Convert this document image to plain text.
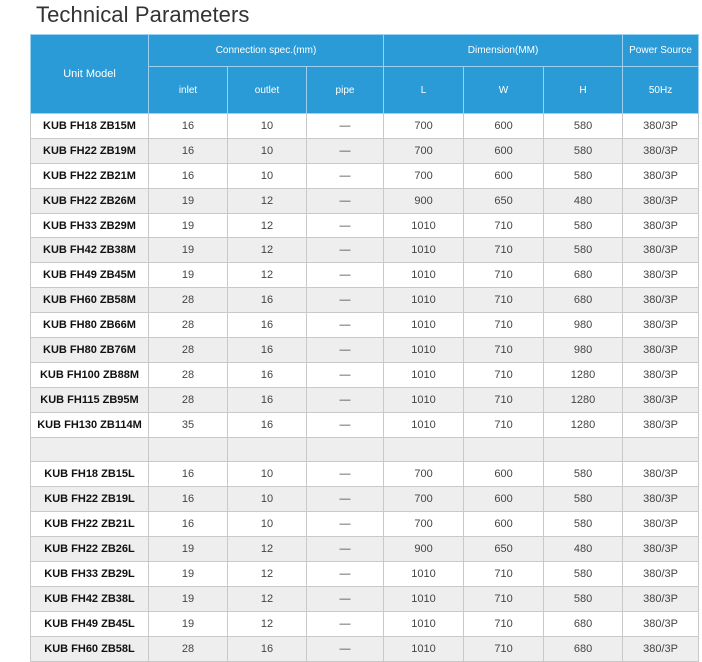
Technical Parameters
Unit Model	Connection spec.(mm)			Dimension(MM)			Power Source
	inlet	outlet	pipe	L	W	H	50Hz
KUB FH18 ZB15M	16	10	—	700	600	580	380/3P
KUB FH22 ZB19M	16	10	—	700	600	580	380/3P
KUB FH22 ZB21M	16	10	—	700	600	580	380/3P
KUB FH22 ZB26M	19	12	—	900	650	480	380/3P
KUB FH33 ZB29M	19	12	—	1010	710	580	380/3P
KUB FH42 ZB38M	19	12	—	1010	710	580	380/3P
KUB FH49 ZB45M	19	12	—	1010	710	680	380/3P
KUB FH60 ZB58M	28	16	—	1010	710	680	380/3P
KUB FH80 ZB66M	28	16	—	1010	710	980	380/3P
KUB FH80 ZB76M	28	16	—	1010	710	980	380/3P
KUB FH100 ZB88M	28	16	—	1010	710	1280	380/3P
KUB FH115 ZB95M	28	16	—	1010	710	1280	380/3P
KUB FH130 ZB114M	35	16	—	1010	710	1280	380/3P

KUB FH18 ZB15L	16	10	—	700	600	580	380/3P
KUB FH22 ZB19L	16	10	—	700	600	580	380/3P
KUB FH22 ZB21L	16	10	—	700	600	580	380/3P
KUB FH22 ZB26L	19	12	—	900	650	480	380/3P
KUB FH33 ZB29L	19	12	—	1010	710	580	380/3P
KUB FH42 ZB38L	19	12	—	1010	710	580	380/3P
KUB FH49 ZB45L	19	12	—	1010	710	680	380/3P
KUB FH60 ZB58L	28	16	—	1010	710	680	380/3P
